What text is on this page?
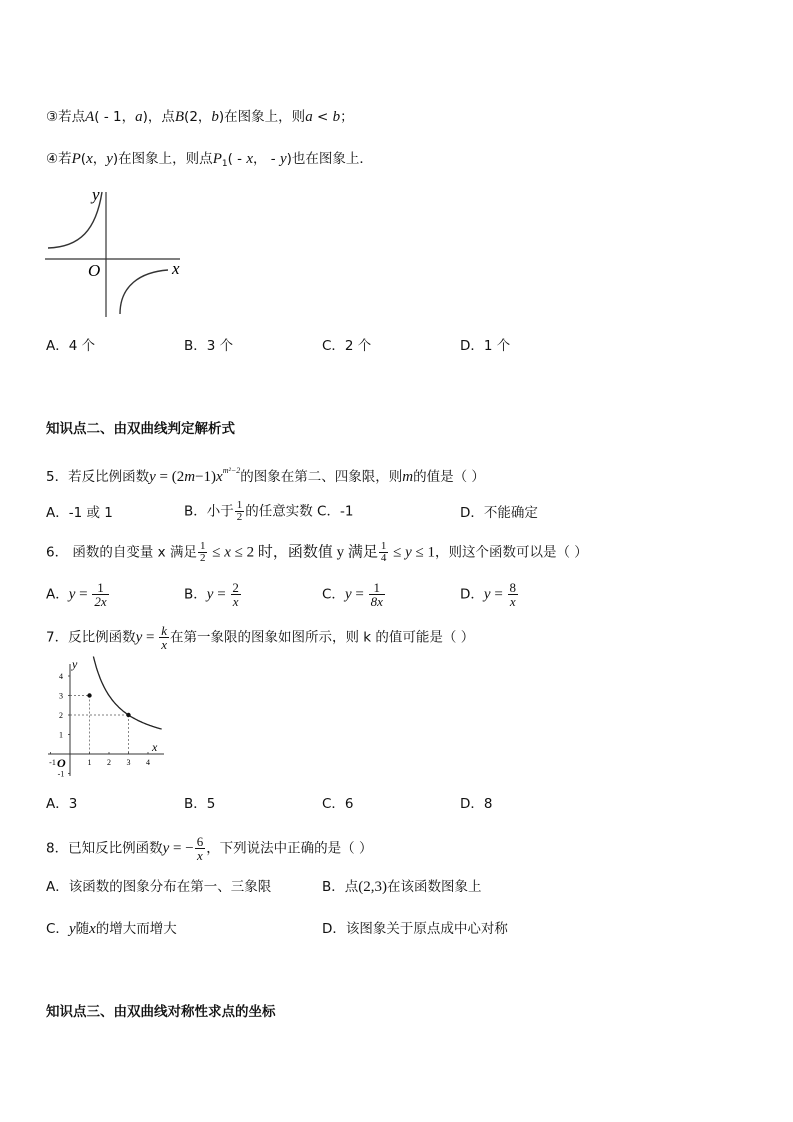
③若点A( - 1，a)，点B(2，b)在图象上，则a < b；
④若P(x，y)在图象上，则点$P_1$( - x， - y)也在图象上．
y
x
O
A．4 个	B．3 个	C．2 个	D．1 个
知识点二、由双曲线判定解析式
5．若反比例函数$y = (2m-1)x^{m^2-2}$的图象在第二、四象限，则m的值是（ ）
A．-1 或 1	B．小于 $\frac{1}{2}$ 的任意实数 C．-1	D．不能确定
6． 函数的自变量 x 满足 $\frac{1}{2} \le x \le 2$ 时，函数值 y 满足 $\frac{1}{4} \le y \le 1$，则这个函数可以是（ ）
A．$y = \frac{1}{2x}$	B．$y = \frac{2}{x}$	C．$y = \frac{1}{8x}$	D．$y = \frac{8}{x}$
7．反比例函数$y = \frac{k}{x}$ 在第一象限的图象如图所示，则 k 的值可能是（ ）
4
3
2
1
-1
-1	1 2 3 4
y
x
O
A．3	B．5	C．6	D．8
8．已知反比例函数y = − $\frac{6}{x}$ ，下列说法中正确的是（ ）
A．该函数的图象分布在第一、三象限	B．点(2,3)在该函数图象上
C．y随x的增大而增大	D．该图象关于原点成中心对称
知识点三、由双曲线对称性求点的坐标
